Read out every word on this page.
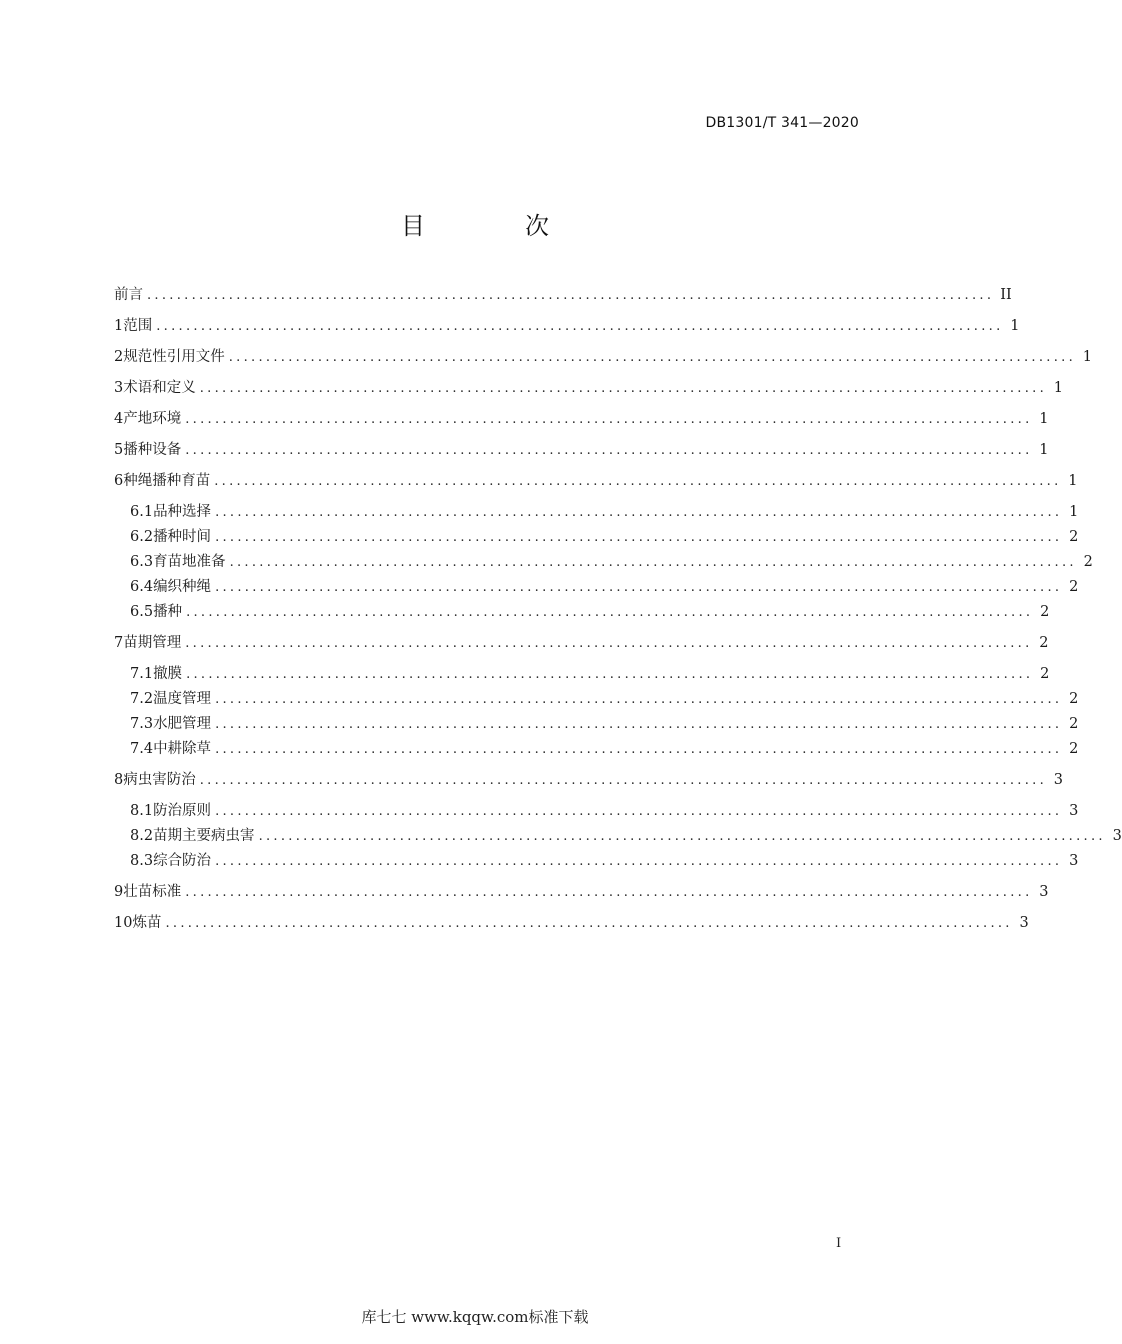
DB1301/T 341—2020
目　次
前言 .................................................................................................................. II
1 范围 .................................................................................................................. 1
2 规范性引用文件 .................................................................................................................. 1
3 术语和定义 .................................................................................................................. 1
4 产地环境 .................................................................................................................. 1
5 播种设备 .................................................................................................................. 1
6 种绳播种育苗 .................................................................................................................. 1
6.1 品种选择 .................................................................................................................. 1
6.2 播种时间 .................................................................................................................. 2
6.3 育苗地准备 .................................................................................................................. 2
6.4 编织种绳 .................................................................................................................. 2
6.5 播种 .................................................................................................................. 2
7 苗期管理 .................................................................................................................. 2
7.1 撤膜 .................................................................................................................. 2
7.2 温度管理 .................................................................................................................. 2
7.3 水肥管理 .................................................................................................................. 2
7.4 中耕除草 .................................................................................................................. 2
8 病虫害防治 .................................................................................................................. 3
8.1 防治原则 .................................................................................................................. 3
8.2 苗期主要病虫害 .................................................................................................................. 3
8.3 综合防治 .................................................................................................................. 3
9 壮苗标准 .................................................................................................................. 3
10 炼苗 .................................................................................................................. 3
I
库七七 www.kqqw.com标准下载
